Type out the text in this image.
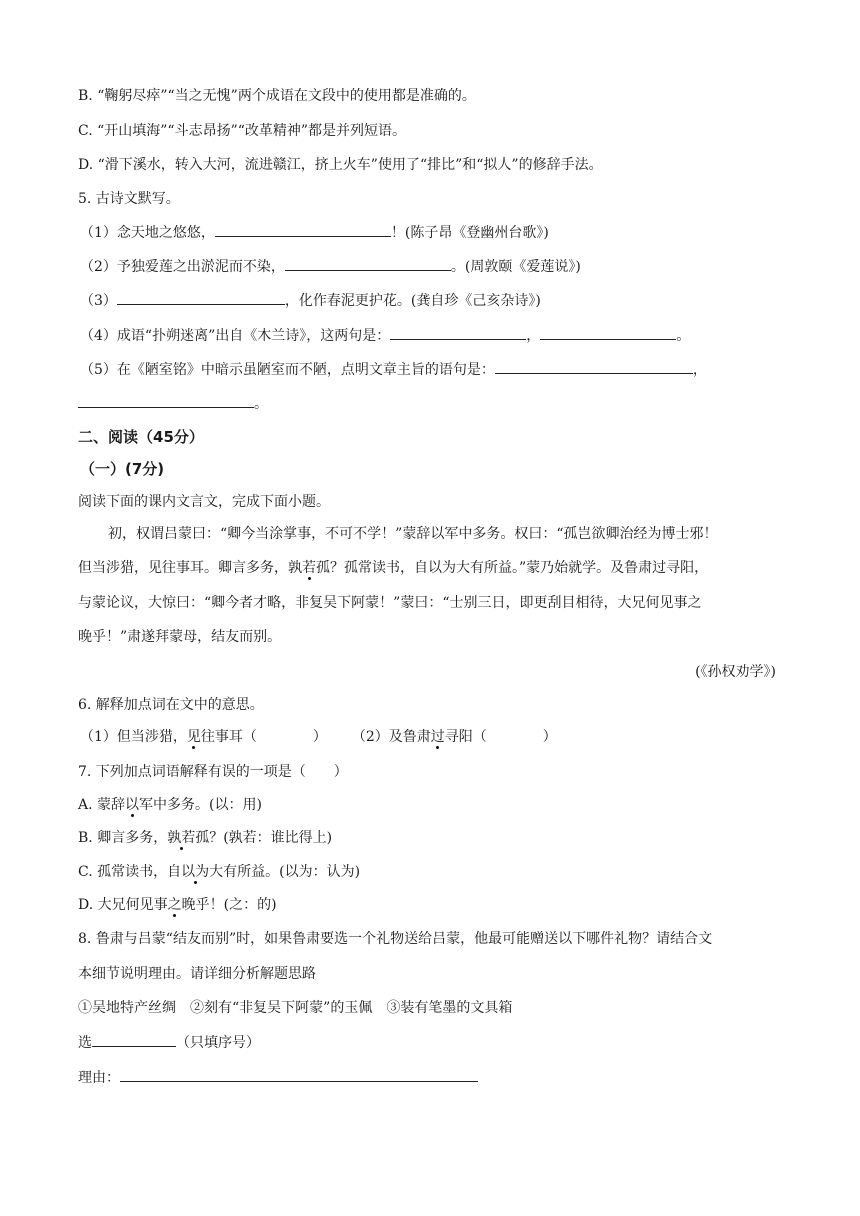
B. “鞠躬尽瘁”“当之无愧”两个成语在文段中的使用都是准确的。
C. “开山填海”“斗志昂扬”“改革精神”都是并列短语。
D. “滑下溪水，转入大河，流进赣江，挤上火车”使用了“排比”和“拟人”的修辞手法。
5. 古诗文默写。
（1）念天地之悠悠，	！(陈子昂《登幽州台歌》)
（2）予独爱莲之出淤泥而不染，	。(周敦颐《爱莲说》)
（3）	，化作春泥更护花。(龚自珍《己亥杂诗》)
（4）成语“扑朔迷离”出自《木兰诗》，这两句是：	，	。
（5）在《陋室铭》中暗示虽陋室而不陋，点明文章主旨的语句是：	，
。
二、阅读（45分）
（一）(7分)
阅读下面的课内文言文，完成下面小题。
初，权谓吕蒙曰：“卿今当涂掌事，不可不学！”蒙辞以军中多务。权曰：“孤岂欲卿治经为博士邪！
但当涉猎，见往事耳。卿言多务，孰若孤？孤常读书，自以为大有所益。”蒙乃始就学。及鲁肃过寻阳，
与蒙论议，大惊曰：“卿今者才略，非复吴下阿蒙！”蒙曰：“士别三日，即更刮目相待，大兄何见事之
晚乎！”肃遂拜蒙母，结友而别。
(《孙权劝学》)
6. 解释加点词在文中的意思。
（1）但当涉猎，见往事耳（	） （2）及鲁肃过寻阳（	）
7. 下列加点词语解释有误的一项是（　　）
A. 蒙辞以军中多务。(以：用)
B. 卿言多务，孰若孤？(孰若：谁比得上)
C. 孤常读书，自以为大有所益。(以为：认为)
D. 大兄何见事之晚乎！(之：的)
8. 鲁肃与吕蒙“结友而别”时，如果鲁肃要选一个礼物送给吕蒙，他最可能赠送以下哪件礼物？请结合文
本细节说明理由。请详细分析解题思路
①吴地特产丝绸　②刻有“非复吴下阿蒙”的玉佩　③装有笔墨的文具箱
选	（只填序号）
理由：
